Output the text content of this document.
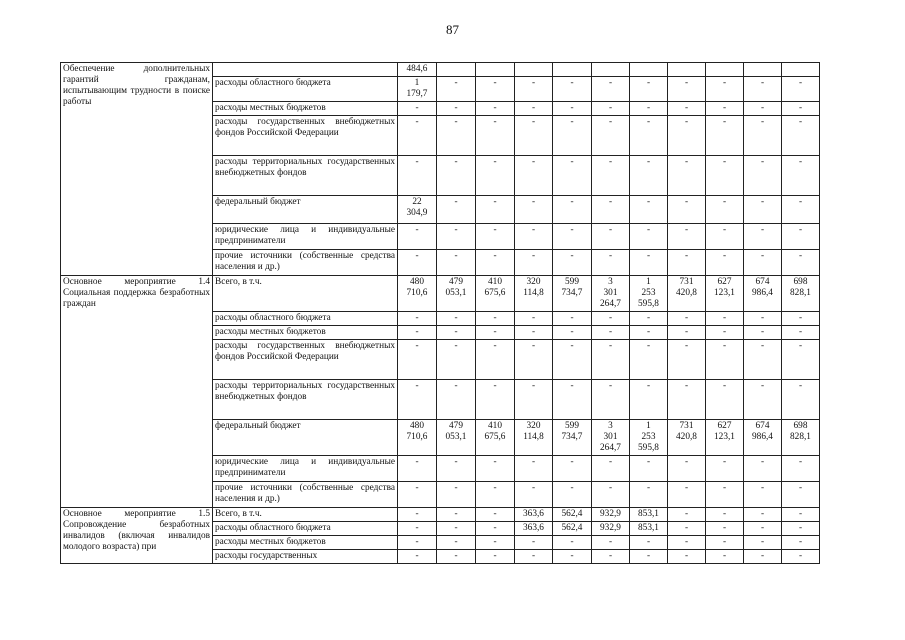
87
Обеспечение дополнительных гарантий гражданам, испытывающим трудности в поиске работы		484,6										
	расходы областного бюджета	1 179,7	-	-	-	-	-	-	-	-	-	-
	расходы местных бюджетов	-	-	-	-	-	-	-	-	-	-	-
	расходы государственных внебюджетных фондов Российской Федерации	-	-	-	-	-	-	-	-	-	-	-
	расходы территориальных государственных внебюджетных фондов	-	-	-	-	-	-	-	-	-	-	-
	федеральный бюджет	22 304,9	-	-	-	-	-	-	-	-	-	-
	юридические лица и индивидуальные предприниматели	-	-	-	-	-	-	-	-	-	-	-
	прочие источники (собственные средства населения и др.)	-	-	-	-	-	-	-	-	-	-	-
Основное мероприятие 1.4 Социальная поддержка безработных граждан	Всего, в т.ч.	480 710,6	479 053,1	410 675,6	320 114,8	599 734,7	3 301 264,7	1 253 595,8	731 420,8	627 123,1	674 986,4	698 828,1
	расходы областного бюджета	-	-	-	-	-	-	-	-	-	-	-
	расходы местных бюджетов	-	-	-	-	-	-	-	-	-	-	-
	расходы государственных внебюджетных фондов Российской Федерации	-	-	-	-	-	-	-	-	-	-	-
	расходы территориальных государственных внебюджетных фондов	-	-	-	-	-	-	-	-	-	-	-
	федеральный бюджет	480 710,6	479 053,1	410 675,6	320 114,8	599 734,7	3 301 264,7	1 253 595,8	731 420,8	627 123,1	674 986,4	698 828,1
	юридические лица и индивидуальные предприниматели	-	-	-	-	-	-	-	-	-	-	-
	прочие источники (собственные средства населения и др.)	-	-	-	-	-	-	-	-	-	-	-
Основное мероприятие 1.5 Сопровождение безработных инвалидов (включая инвалидов молодого возраста) при	Всего, в т.ч.	-	-	-	363,6	562,4	932,9	853,1	-	-	-	-
	расходы областного бюджета	-	-	-	363,6	562,4	932,9	853,1	-	-	-	-
	расходы местных бюджетов	-	-	-	-	-	-	-	-	-	-	-
	расходы государственных	-	-	-	-	-	-	-	-	-	-	-
